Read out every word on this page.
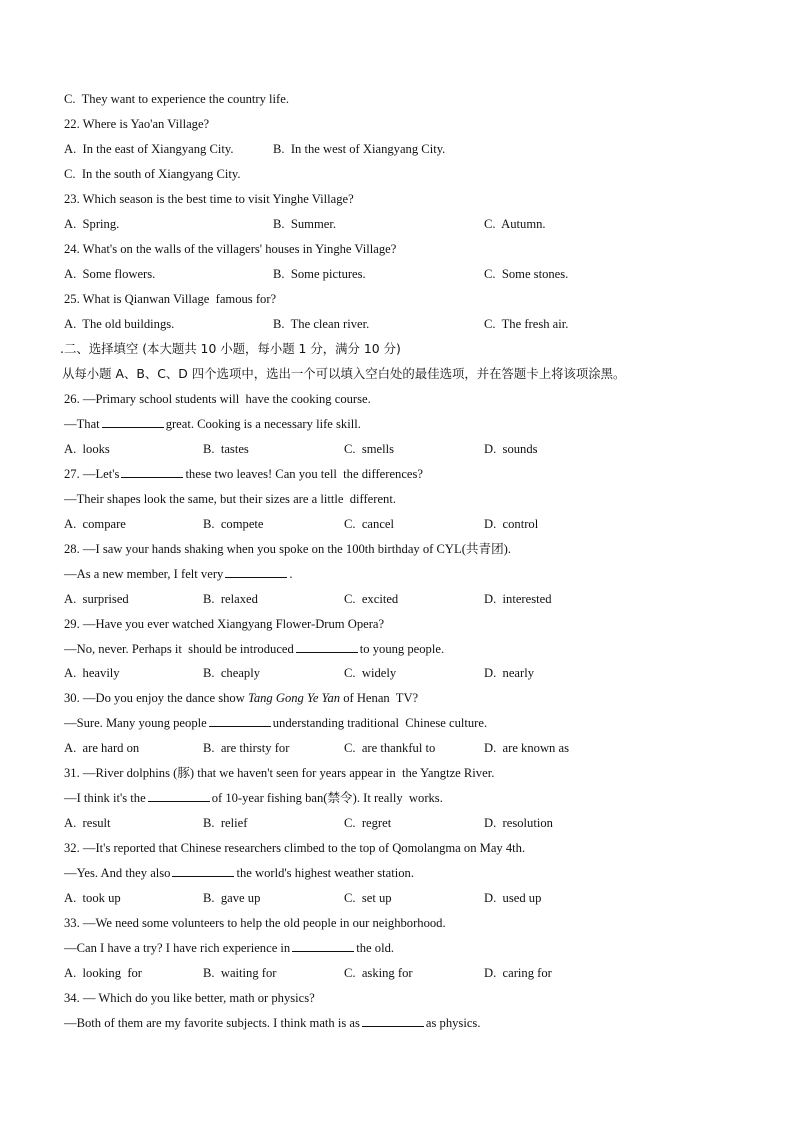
C.  They want to experience the country life.
22. Where is Yao'an Village?
A.  In the east of Xiangyang City.	B.  In the west of Xiangyang City.
C.  In the south of Xiangyang City.
23. Which season is the best time to visit Yinghe Village?
A.  Spring.	B.  Summer.	C.  Autumn.
24. What's on the walls of the villagers' houses in Yinghe Village?
A.  Some flowers.	B.  Some pictures.	C.  Some stones.
25. What is Qianwan Village  famous for?
A.  The old buildings.	B.  The clean river.	C.  The fresh air.
.二、选择填空 (本大题共 10 小题，每小题 1 分，满分 10 分)
从每小题 A、B、C、D 四个选项中，选出一个可以填入空白处的最佳选项，并在答题卡上将该项涂黑。
26. —Primary school students will  have the cooking course.
—That	great. Cooking is a necessary life skill.
A.  looks	B.  tastes	C.  smells	D.  sounds
27. —Let's	these two leaves! Can you tell  the differences?
—Their shapes look the same, but their sizes are a little  different.
A.  compare	B.  compete	C.  cancel	D.  control
28. —I saw your hands shaking when you spoke on the 100th birthday of CYL(共青团).
—As a new member, I felt very	.
A.  surprised	B.  relaxed	C.  excited	D.  interested
29. —Have you ever watched Xiangyang Flower-Drum Opera?
—No, never. Perhaps it  should be introduced	to young people.
A.  heavily	B.  cheaply	C.  widely	D.  nearly
30. —Do you enjoy the dance show Tang Gong Ye Yan of Henan  TV?
—Sure. Many young people	understanding traditional  Chinese culture.
A.  are hard on	B.  are thirsty for	C.  are thankful to	D.  are known as
31. —River dolphins (豚) that we haven't seen for years appear in  the Yangtze River.
—I think it's the	of 10-year fishing ban(禁令). It really  works.
A.  result	B.  relief	C.  regret	D.  resolution
32. —It's reported that Chinese researchers climbed to the top of Qomolangma on May 4th.
—Yes. And they also	the world's highest weather station.
A.  took up	B.  gave up	C.  set up	D.  used up
33. —We need some volunteers to help the old people in our neighborhood.
—Can I have a try? I have rich experience in	the old.
A.  looking  for	B.  waiting for	C.  asking for	D.  caring for
34. — Which do you like better, math or physics?
—Both of them are my favorite subjects. I think math is as	as physics.
